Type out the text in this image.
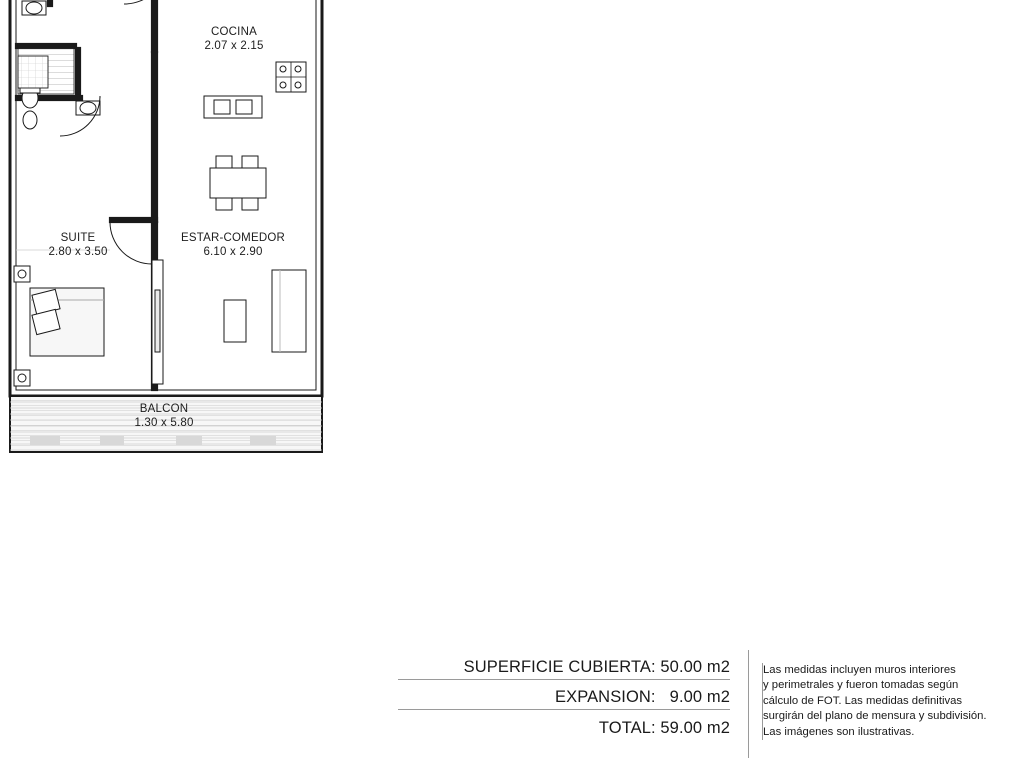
COCINA
2.07 x 2.15
ESTAR-COMEDOR
6.10 x 2.90
SUITE
2.80 x 3.50
BALCON
1.30 x 5.80
SUPERFICIE CUBIERTA: 50.00 m2
EXPANSION:   9.00 m2
TOTAL: 59.00 m2
Las medidas incluyen muros interiores
y perimetrales y fueron tomadas según
cálculo de FOT. Las medidas definitivas
surgirán del plano de mensura y subdivisión.
Las imágenes son ilustrativas.
